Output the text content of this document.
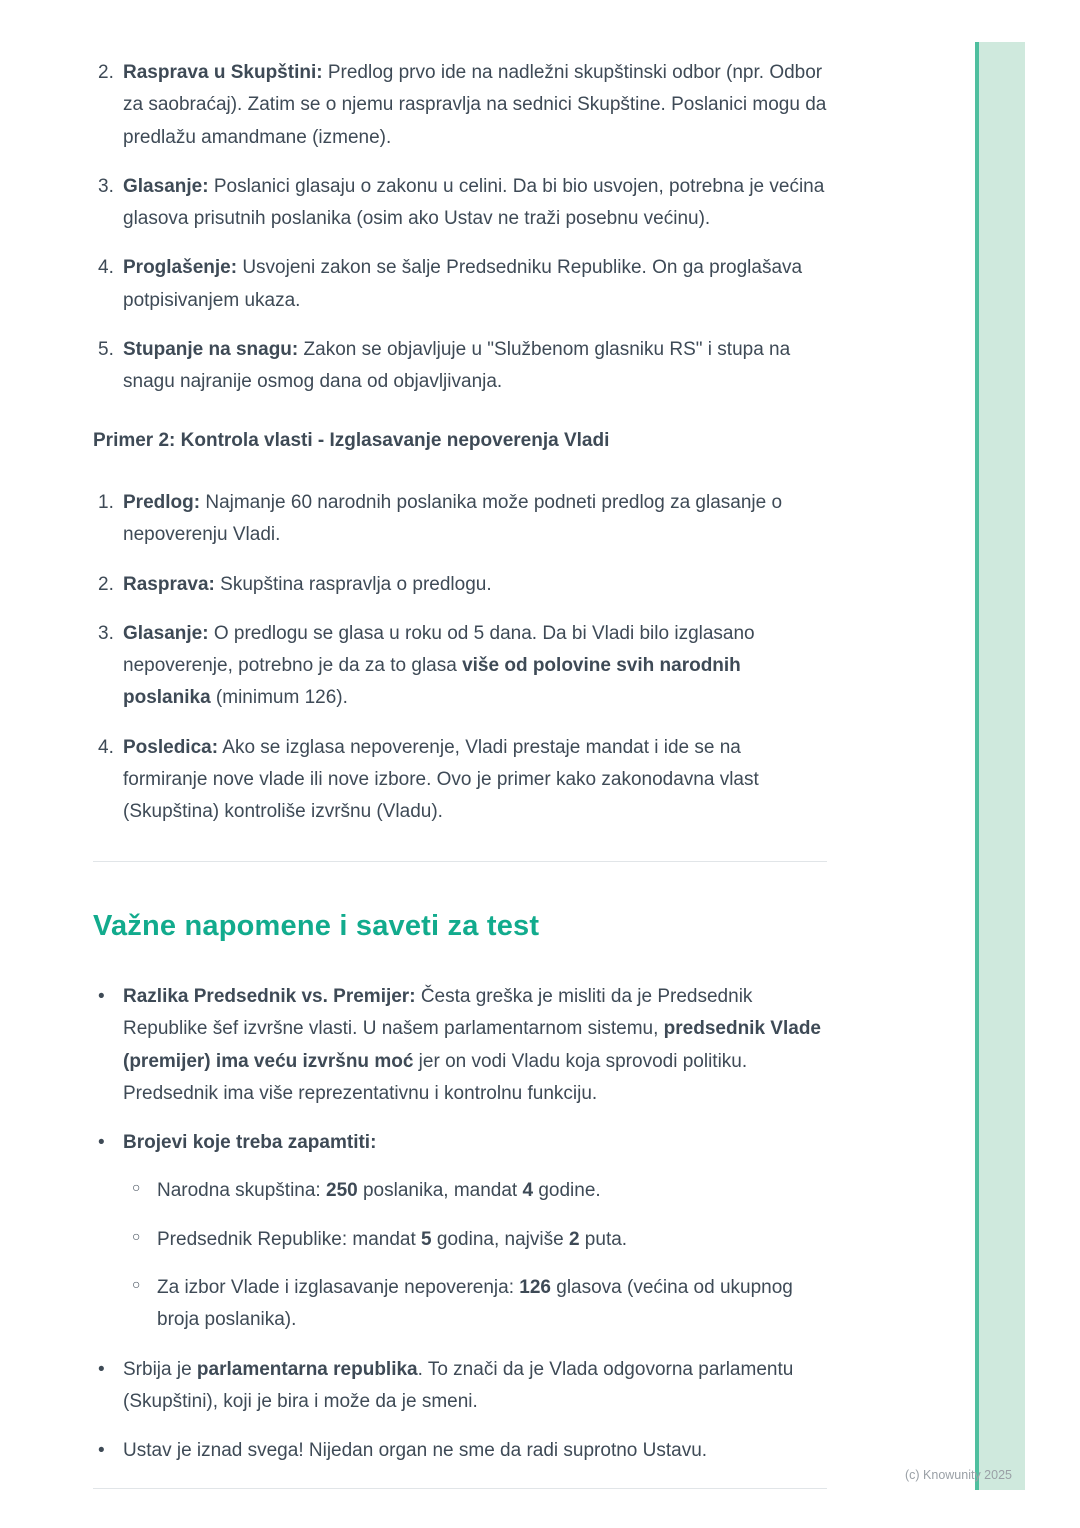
2. Rasprava u Skupštini: Predlog prvo ide na nadležni skupštinski odbor (npr. Odbor za saobraćaj). Zatim se o njemu raspravlja na sednici Skupštine. Poslanici mogu da predlažu amandmane (izmene).
3. Glasanje: Poslanici glasaju o zakonu u celini. Da bi bio usvojen, potrebna je većina glasova prisutnih poslanika (osim ako Ustav ne traži posebnu većinu).
4. Proglašenje: Usvojeni zakon se šalje Predsedniku Republike. On ga proglašava potpisivanjem ukaza.
5. Stupanje na snagu: Zakon se objavljuje u "Službenom glasniku RS" i stupa na snagu najranije osmog dana od objavljivanja.

Primer 2: Kontrola vlasti - Izglasavanje nepoverenja Vladi

1. Predlog: Najmanje 60 narodnih poslanika može podneti predlog za glasanje o nepoverenju Vladi.
2. Rasprava: Skupština raspravlja o predlogu.
3. Glasanje: O predlogu se glasa u roku od 5 dana. Da bi Vladi bilo izglasano nepoverenje, potrebno je da za to glasa više od polovine svih narodnih poslanika (minimum 126).
4. Posledica: Ako se izglasa nepoverenje, Vladi prestaje mandat i ide se na formiranje nove vlade ili nove izbore. Ovo je primer kako zakonodavna vlast (Skupština) kontroliše izvršnu (Vladu).
Važne napomene i saveti za test
• Razlika Predsednik vs. Premijer: Česta greška je misliti da je Predsednik Republike šef izvršne vlasti. U našem parlamentarnom sistemu, predsednik Vlade (premijer) ima veću izvršnu moć jer on vodi Vladu koja sprovodi politiku. Predsednik ima više reprezentativnu i kontrolnu funkciju.
• Brojevi koje treba zapamtiti:
○ Narodna skupština: 250 poslanika, mandat 4 godine.
○ Predsednik Republike: mandat 5 godina, najviše 2 puta.
○ Za izbor Vlade i izglasavanje nepoverenja: 126 glasova (većina od ukupnog broja poslanika).
• Srbija je parlamentarna republika. To znači da je Vlada odgovorna parlamentu (Skupštini), koji je bira i može da je smeni.
• Ustav je iznad svega! Nijedan organ ne sme da radi suprotno Ustavu.
(c) Knowunity 2025
